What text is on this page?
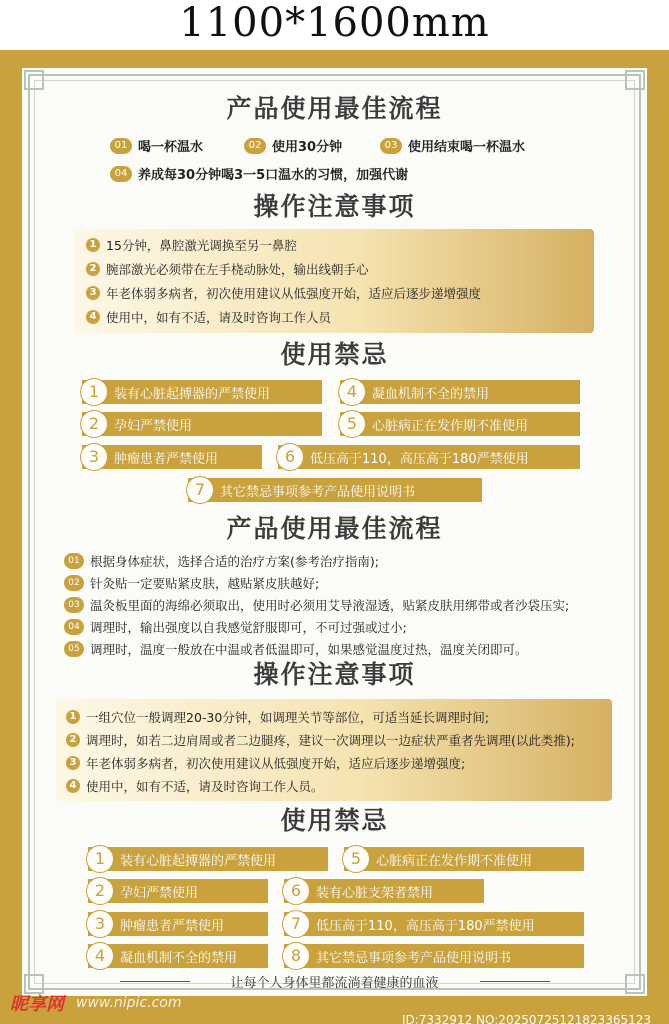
1100*1600mm
产品使用最佳流程
01 喝一杯温水	02 使用30分钟	03 使用结束喝一杯温水
04 养成每30分钟喝3一5口温水的习惯，加强代谢
操作注意事项
1 15分钟，鼻腔激光调换至另一鼻腔
2 腕部激光必须带在左手桡动脉处，输出线朝手心
3 年老体弱多病者，初次使用建议从低强度开始，适应后逐步递增强度
4 使用中，如有不适，请及时咨询工作人员
使用禁忌
1	装有心脏起搏器的严禁使用	4	凝血机制不全的禁用
2	孕妇严禁使用	5	心脏病正在发作期不准使用
3	肿瘤患者严禁使用	6	低压高于110，高压高于180严禁使用
7	其它禁忌事项参考产品使用说明书
产品使用最佳流程
01 根据身体症状，选择合适的治疗方案(参考治疗指南);
02 针灸贴一定要贴紧皮肤，越贴紧皮肤越好;
03 温灸板里面的海绵必须取出，使用时必须用艾导液湿透，贴紧皮肤用绑带或者沙袋压实;
04 调理时，输出强度以自我感觉舒服即可，不可过强或过小;
05 调理时，温度一般放在中温或者低温即可，如果感觉温度过热，温度关闭即可。
操作注意事项
1 一组穴位一般调理20-30分钟，如调理关节等部位，可适当延长调理时间;
2 调理时，如若二边肩周或者二边腿疼，建议一次调理以一边症状严重者先调理(以此类推);
3 年老体弱多病者，初次使用建议从低强度开始，适应后逐步递增强度;
4 使用中，如有不适，请及时咨询工作人员。
使用禁忌
1	装有心脏起搏器的严禁使用	5	心脏病正在发作期不准使用
2	孕妇严禁使用	6	装有心脏支架者禁用
3	肿瘤患者严禁使用	7	低压高于110，高压高于180严禁使用
4	凝血机制不全的禁用	8	其它禁忌事项参考产品使用说明书
让每个人身体里都流淌着健康的血液
昵享网 www.nipic.com
ID:7332912 NO:20250725121823365123
